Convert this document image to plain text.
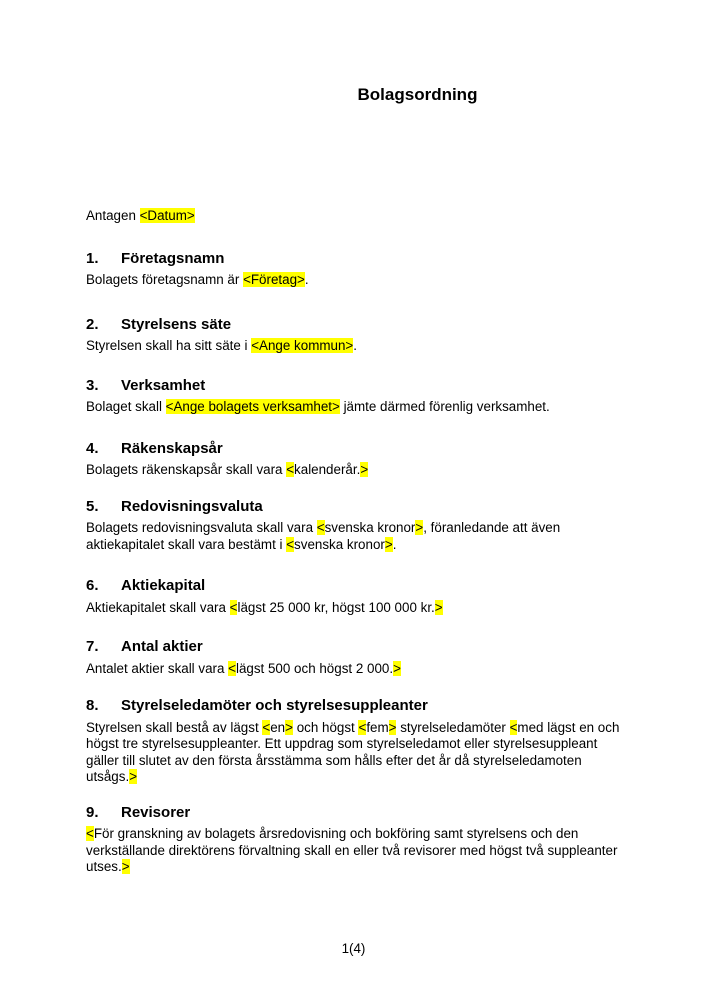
Bolagsordning

Antagen <Datum>

1.	Företagsnamn

Bolagets företagsnamn är <Företag>.

2.	Styrelsens säte

Styrelsen skall ha sitt säte i <Ange kommun>.

3.	Verksamhet

Bolaget skall <Ange bolagets verksamhet> jämte därmed förenlig verksamhet.

4.	Räkenskapsår

Bolagets räkenskapsår skall vara <kalenderår.>

5.	Redovisningsvaluta

Bolagets redovisningsvaluta skall vara <svenska kronor>, föranledande att även aktiekapitalet skall vara bestämt i <svenska kronor>.

6.	Aktiekapital

Aktiekapitalet skall vara <lägst 25 000 kr, högst 100 000 kr.>

7.	Antal aktier

Antalet aktier skall vara <lägst 500 och högst 2 000.>

8.	Styrelseledamöter och styrelsesuppleanter

Styrelsen skall bestå av lägst <en> och högst <fem> styrelseledamöter <med lägst en och högst tre styrelsesuppleanter. Ett uppdrag som styrelseledamot eller styrelsesuppleant gäller till slutet av den första årsstämma som hålls efter det år då styrelseledamoten utsågs.>

9.	Revisorer

<För granskning av bolagets årsredovisning och bokföring samt styrelsens och den verkställande direktörens förvaltning skall en eller två revisorer med högst två suppleanter utses.>

1(4)
